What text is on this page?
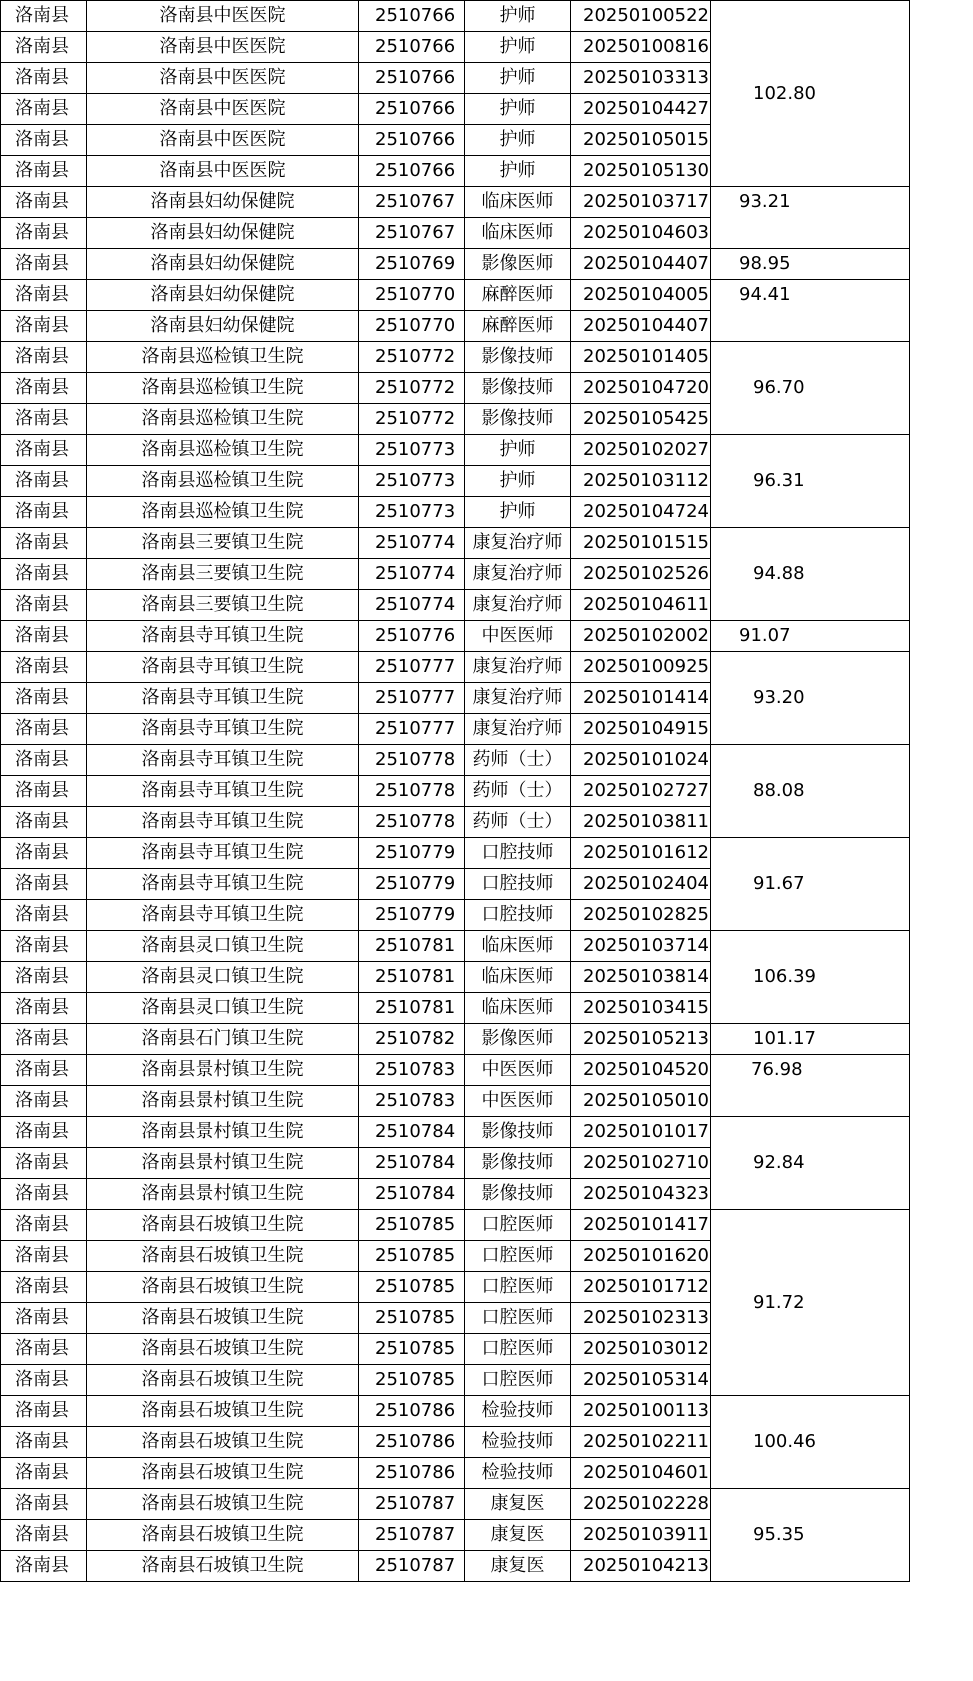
洛南县	洛南县中医医院	2510766	护师	20250100522	102.80
洛南县	洛南县中医医院	2510766	护师	20250100816	
洛南县	洛南县中医医院	2510766	护师	20250103313	
洛南县	洛南县中医医院	2510766	护师	20250104427	
洛南县	洛南县中医医院	2510766	护师	20250105015	
洛南县	洛南县中医医院	2510766	护师	20250105130	
洛南县	洛南县妇幼保健院	2510767	临床医师	20250103717	93.21
洛南县	洛南县妇幼保健院	2510767	临床医师	20250104603	
洛南县	洛南县妇幼保健院	2510769	影像医师	20250104407	98.95
洛南县	洛南县妇幼保健院	2510770	麻醉医师	20250104005	94.41
洛南县	洛南县妇幼保健院	2510770	麻醉医师	20250104407	
洛南县	洛南县巡检镇卫生院	2510772	影像技师	20250101405	96.70
洛南县	洛南县巡检镇卫生院	2510772	影像技师	20250104720	
洛南县	洛南县巡检镇卫生院	2510772	影像技师	20250105425	
洛南县	洛南县巡检镇卫生院	2510773	护师	20250102027	96.31
洛南县	洛南县巡检镇卫生院	2510773	护师	20250103112	
洛南县	洛南县巡检镇卫生院	2510773	护师	20250104724	
洛南县	洛南县三要镇卫生院	2510774	康复治疗师	20250101515	94.88
洛南县	洛南县三要镇卫生院	2510774	康复治疗师	20250102526	
洛南县	洛南县三要镇卫生院	2510774	康复治疗师	20250104611	
洛南县	洛南县寺耳镇卫生院	2510776	中医医师	20250102002	91.07
洛南县	洛南县寺耳镇卫生院	2510777	康复治疗师	20250100925	93.20
洛南县	洛南县寺耳镇卫生院	2510777	康复治疗师	20250101414	
洛南县	洛南县寺耳镇卫生院	2510777	康复治疗师	20250104915	
洛南县	洛南县寺耳镇卫生院	2510778	药师（士）	20250101024	88.08
洛南县	洛南县寺耳镇卫生院	2510778	药师（士）	20250102727	
洛南县	洛南县寺耳镇卫生院	2510778	药师（士）	20250103811	
洛南县	洛南县寺耳镇卫生院	2510779	口腔技师	20250101612	91.67
洛南县	洛南县寺耳镇卫生院	2510779	口腔技师	20250102404	
洛南县	洛南县寺耳镇卫生院	2510779	口腔技师	20250102825	
洛南县	洛南县灵口镇卫生院	2510781	临床医师	20250103714	106.39
洛南县	洛南县灵口镇卫生院	2510781	临床医师	20250103814	
洛南县	洛南县灵口镇卫生院	2510781	临床医师	20250103415	
洛南县	洛南县石门镇卫生院	2510782	影像医师	20250105213	101.17
洛南县	洛南县景村镇卫生院	2510783	中医医师	20250104520	76.98
洛南县	洛南县景村镇卫生院	2510783	中医医师	20250105010	
洛南县	洛南县景村镇卫生院	2510784	影像技师	20250101017	92.84
洛南县	洛南县景村镇卫生院	2510784	影像技师	20250102710	
洛南县	洛南县景村镇卫生院	2510784	影像技师	20250104323	
洛南县	洛南县石坡镇卫生院	2510785	口腔医师	20250101417	91.72
洛南县	洛南县石坡镇卫生院	2510785	口腔医师	20250101620	
洛南县	洛南县石坡镇卫生院	2510785	口腔医师	20250101712	
洛南县	洛南县石坡镇卫生院	2510785	口腔医师	20250102313	
洛南县	洛南县石坡镇卫生院	2510785	口腔医师	20250103012	
洛南县	洛南县石坡镇卫生院	2510785	口腔医师	20250105314	
洛南县	洛南县石坡镇卫生院	2510786	检验技师	20250100113	100.46
洛南县	洛南县石坡镇卫生院	2510786	检验技师	20250102211	
洛南县	洛南县石坡镇卫生院	2510786	检验技师	20250104601	
洛南县	洛南县石坡镇卫生院	2510787	康复医	20250102228	95.35
洛南县	洛南县石坡镇卫生院	2510787	康复医	20250103911	
洛南县	洛南县石坡镇卫生院	2510787	康复医	20250104213	
